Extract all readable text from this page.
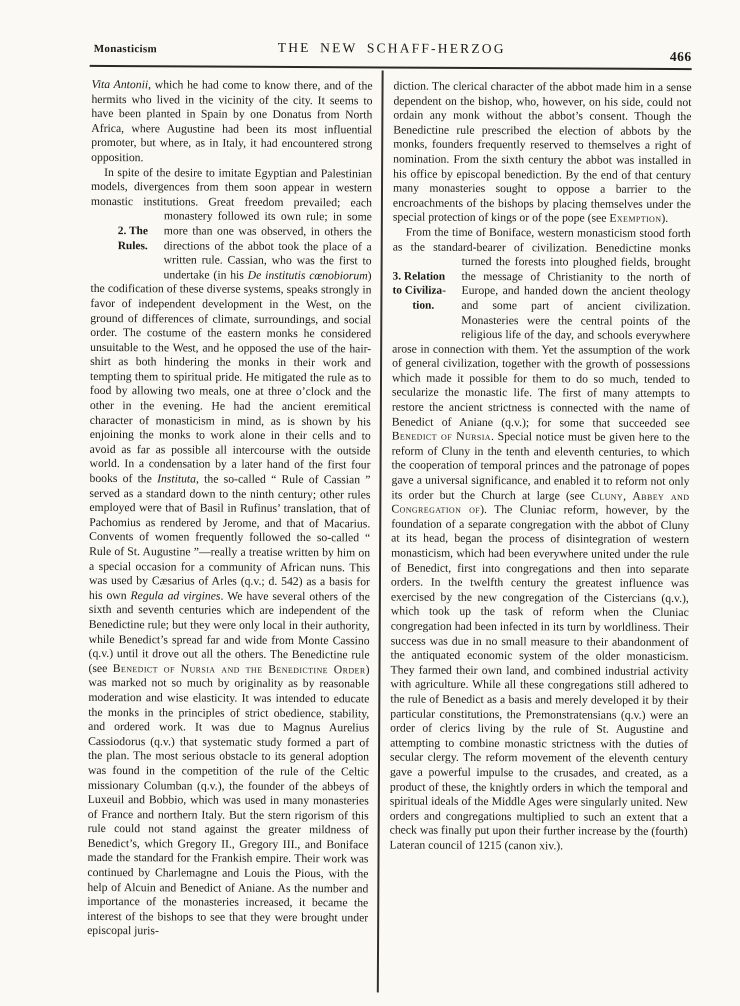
Monasticism	THE NEW SCHAFF-HERZOG
466

Vita Antonii, which he had come to know there, and of the hermits who lived in the vicinity of the city. It seems to have been planted in Spain by one Donatus from North Africa, where Augustine had been its most influential promoter, but where, as in Italy, it had encountered strong opposition.

In spite of the desire to imitate Egyptian and Palestinian models, divergences from them soon appear in western monastic institutions. Great freedom prevailed; each monastery followed its
2. The
Rules.
own rule; in some more than one was observed, in others the directions of the abbot took the place of a written rule. Cassian, who was the first to undertake (in his De institutis cœnobiorum) the codification of these diverse systems, speaks strongly in favor of independent development in the West, on the ground of differences of climate, surroundings, and social order. The costume of the eastern monks he considered unsuitable to the West, and he opposed the use of the hair-shirt as both hindering the monks in their work and tempting them to spiritual pride. He mitigated the rule as to food by allowing two meals, one at three o’clock and the other in the evening. He had the ancient eremitical character of monasticism in mind, as is shown by his enjoining the monks to work alone in their cells and to avoid as far as possible all intercourse with the outside world. In a condensation by a later hand of the first four books of the Instituta, the so-called “ Rule of Cassian ” served as a standard down to the ninth century; other rules employed were that of Basil in Rufinus’ translation, that of Pachomius as rendered by Jerome, and that of Macarius. Convents of women frequently followed the so-called “ Rule of St. Augustine ”—really a treatise written by him on a special occasion for a community of African nuns. This was used by Cæsarius of Arles (q.v.; d. 542) as a basis for his own Regula ad virgines. We have several others of the sixth and seventh centuries which are independent of the Benedictine rule; but they were only local in their authority, while Benedict’s spread far and wide from Monte Cassino (q.v.) until it drove out all the others. The Benedictine rule (see Benedict of Nursia and the Benedictine Order) was marked not so much by originality as by reasonable moderation and wise elasticity. It was intended to educate the monks in the principles of strict obedience, stability, and ordered work. It was due to Magnus Aurelius Cassiodorus (q.v.) that systematic study formed a part of the plan. The most serious obstacle to its general adoption was found in the competition of the rule of the Celtic missionary Columban (q.v.), the founder of the abbeys of Luxeuil and Bobbio, which was used in many monasteries of France and northern Italy. But the stern rigorism of this rule could not stand against the greater mildness of Benedict’s, which Gregory II., Gregory III., and Boniface made the standard for the Frankish empire. Their work was continued by Charlemagne and Louis the Pious, with the help of Alcuin and Benedict of Aniane. As the number and importance of the monasteries increased, it became the interest of the bishops to see that they were brought under episcopal juris-

diction. The clerical character of the abbot made him in a sense dependent on the bishop, who, however, on his side, could not ordain any monk without the abbot’s consent. Though the Benedictine rule prescribed the election of abbots by the monks, founders frequently reserved to themselves a right of nomination. From the sixth century the abbot was installed in his office by episcopal benediction. By the end of that century many monasteries sought to oppose a barrier to the encroachments of the bishops by placing themselves under the special protection of kings or of the pope (see Exemption).

From the time of Boniface, western monasticism stood forth as the standard-bearer of civilization. Benedictine monks turned the forests into ploughed
3. Relation
to Civiliza-
tion.
fields, brought the message of Christianity to the north of Europe, and handed down the ancient theology and some part of ancient civilization. Monasteries were the central points of the religious life of the day, and schools everywhere arose in connection with them. Yet the assumption of the work of general civilization, together with the growth of possessions which made it possible for them to do so much, tended to secularize the monastic life. The first of many attempts to restore the ancient strictness is connected with the name of Benedict of Aniane (q.v.); for some that succeeded see Benedict of Nursia. Special notice must be given here to the reform of Cluny in the tenth and eleventh centuries, to which the cooperation of temporal princes and the patronage of popes gave a universal significance, and enabled it to reform not only its order but the Church at large (see Cluny, Abbey and Congregation of). The Cluniac reform, however, by the foundation of a separate congregation with the abbot of Cluny at its head, began the process of disintegration of western monasticism, which had been everywhere united under the rule of Benedict, first into congregations and then into separate orders. In the twelfth century the greatest influence was exercised by the new congregation of the Cistercians (q.v.), which took up the task of reform when the Cluniac congregation had been infected in its turn by worldliness. Their success was due in no small measure to their abandonment of the antiquated economic system of the older monasticism. They farmed their own land, and combined industrial activity with agriculture. While all these congregations still adhered to the rule of Benedict as a basis and merely developed it by their particular constitutions, the Premonstratensians (q.v.) were an order of clerics living by the rule of St. Augustine and attempting to combine monastic strictness with the duties of secular clergy. The reform movement of the eleventh century gave a powerful impulse to the crusades, and created, as a product of these, the knightly orders in which the temporal and spiritual ideals of the Middle Ages were singularly united. New orders and congregations multiplied to such an extent that a check was finally put upon their further increase by the (fourth) Lateran council of 1215 (canon xiv.).
